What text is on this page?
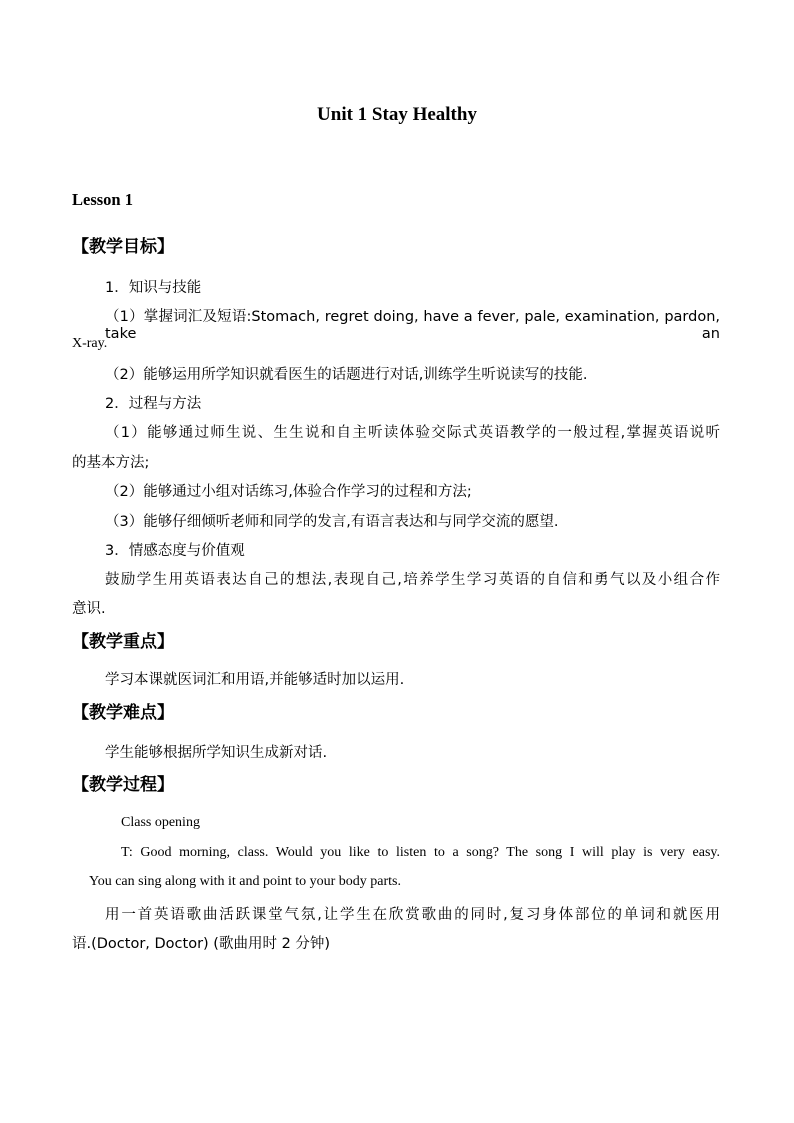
Unit 1 Stay Healthy
Lesson 1
【教学目标】
1．知识与技能
（1）掌握词汇及短语:Stomach, regret doing, have a fever, pale, examination, pardon, take an
X-ray.
（2）能够运用所学知识就看医生的话题进行对话,训练学生听说读写的技能.
2．过程与方法
（1）能够通过师生说、生生说和自主听读体验交际式英语教学的一般过程,掌握英语说听
的基本方法;
（2）能够通过小组对话练习,体验合作学习的过程和方法;
（3）能够仔细倾听老师和同学的发言,有语言表达和与同学交流的愿望.
3．情感态度与价值观
鼓励学生用英语表达自己的想法,表现自己,培养学生学习英语的自信和勇气以及小组合作
意识.
【教学重点】
学习本课就医词汇和用语,并能够适时加以运用.
【教学难点】
学生能够根据所学知识生成新对话.
【教学过程】
Class opening
T: Good morning, class. Would you like to listen to a song? The song I will play is very easy.
You can sing along with it and point to your body parts.
用一首英语歌曲活跃课堂气氛,让学生在欣赏歌曲的同时,复习身体部位的单词和就医用
语.(Doctor, Doctor) (歌曲用时 2 分钟)
